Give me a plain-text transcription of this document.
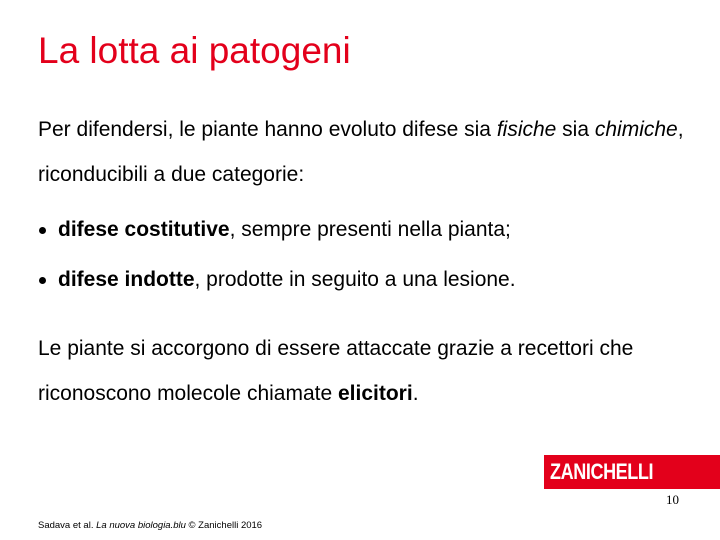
La lotta ai patogeni

Per difendersi, le piante hanno evoluto difese sia fisiche sia chimiche, riconducibili a due categorie:

difese costitutive, sempre presenti nella pianta;
difese indotte, prodotte in seguito a una lesione.

Le piante si accorgono di essere attaccate grazie a recettori che riconoscono molecole chiamate elicitori.

ZANICHELLI
10
Sadava et al. La nuova biologia.blu © Zanichelli 2016
